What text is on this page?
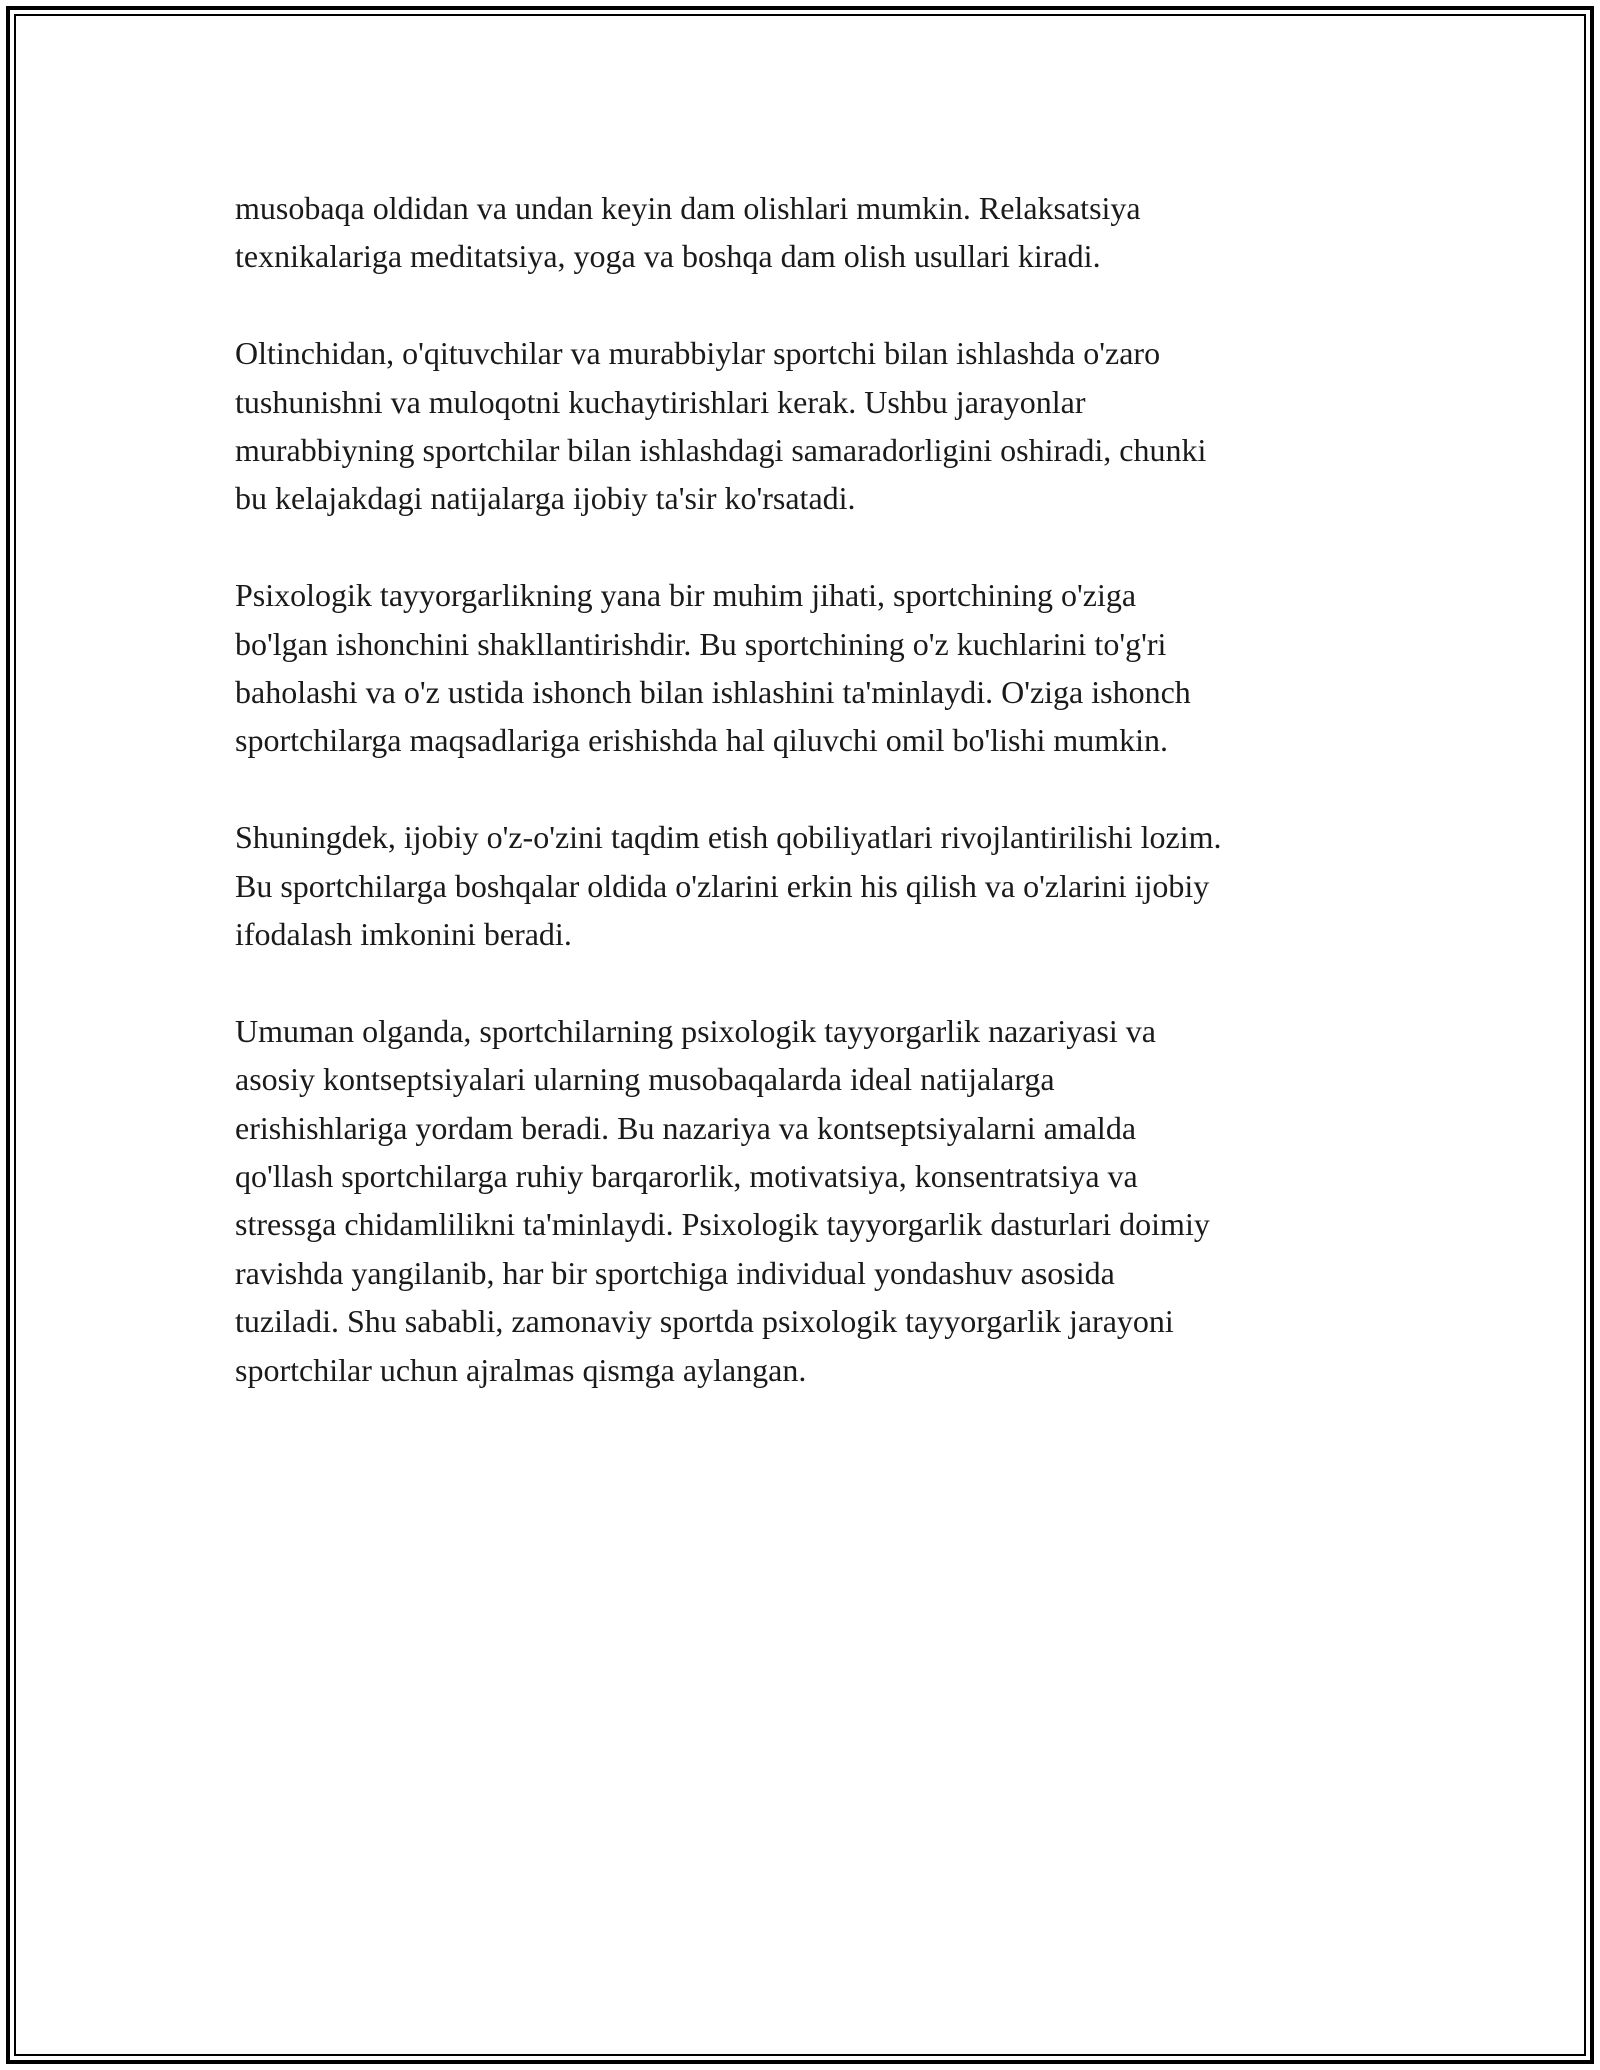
musobaqa oldidan va undan keyin dam olishlari mumkin. Relaksatsiya
texnikalariga meditatsiya, yoga va boshqa dam olish usullari kiradi.

Oltinchidan, o'qituvchilar va murabbiylar sportchi bilan ishlashda o'zaro
tushunishni va muloqotni kuchaytirishlari kerak. Ushbu jarayonlar
murabbiyning sportchilar bilan ishlashdagi samaradorligini oshiradi, chunki
bu kelajakdagi natijalarga ijobiy ta'sir ko'rsatadi.

Psixologik tayyorgarlikning yana bir muhim jihati, sportchining o'ziga
bo'lgan ishonchini shakllantirishdir. Bu sportchining o'z kuchlarini to'g'ri
baholashi va o'z ustida ishonch bilan ishlashini ta'minlaydi. O'ziga ishonch
sportchilarga maqsadlariga erishishda hal qiluvchi omil bo'lishi mumkin.

Shuningdek, ijobiy o'z-o'zini taqdim etish qobiliyatlari rivojlantirilishi lozim.
Bu sportchilarga boshqalar oldida o'zlarini erkin his qilish va o'zlarini ijobiy
ifodalash imkonini beradi.

Umuman olganda, sportchilarning psixologik tayyorgarlik nazariyasi va
asosiy kontseptsiyalari ularning musobaqalarda ideal natijalarga
erishishlariga yordam beradi. Bu nazariya va kontseptsiyalarni amalda
qo'llash sportchilarga ruhiy barqarorlik, motivatsiya, konsentratsiya va
stressga chidamlilikni ta'minlaydi. Psixologik tayyorgarlik dasturlari doimiy
ravishda yangilanib, har bir sportchiga individual yondashuv asosida
tuziladi. Shu sababli, zamonaviy sportda psixologik tayyorgarlik jarayoni
sportchilar uchun ajralmas qismga aylangan.
